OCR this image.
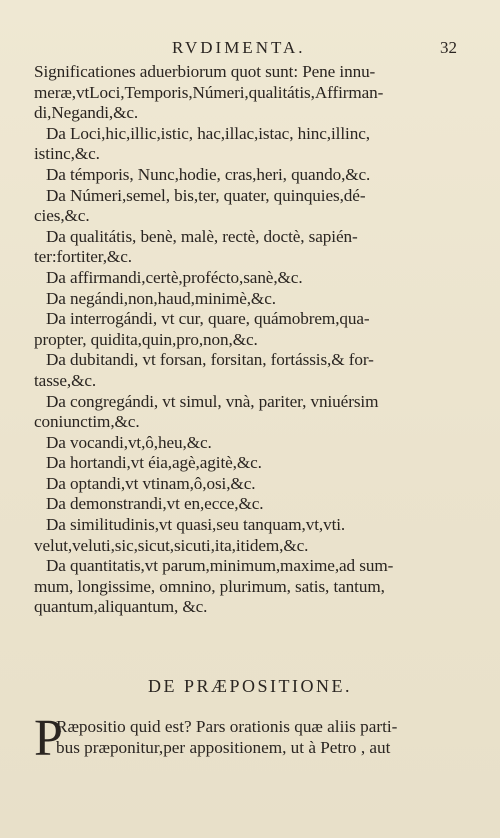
RVDIMENTA.	32
Significationes aduerbiorum quot sunt: Pene innu-
meræ,vtLoci,Temporis,Númeri,qualitátis,Affirman-
di,Negandi,&c.
Da Loci,hic,illic,istic, hac,illac,istac, hinc,illinc,
istinc,&c.
Da témporis, Nunc,hodie, cras,heri, quando,&c.
Da Númeri,semel, bis,ter, quater, quinquies,dé-
cies,&c.
Da qualitátis, benè, malè, rectè, doctè, sapién-
ter:fortiter,&c.
Da affirmandi,certè,profécto,sanè,&c.
Da negándi,non,haud,minimè,&c.
Da interrogándi, vt cur, quare, quámobrem,qua-
propter, quidita,quin,pro,non,&c.
Da dubitandi, vt forsan, forsitan, fortássis,& for-
tasse,&c.
Da congregándi, vt simul, vnà, pariter, vniuérsim
coniunctim,&c.
Da vocandi,vt,ô,heu,&c.
Da hortandi,vt éia,agè,agitè,&c.
Da optandi,vt vtinam,ô,osi,&c.
Da demonstrandi,vt en,ecce,&c.
Da similitudinis,vt quasi,seu tanquam,vt,vti.
velut,veluti,sic,sicut,sicuti,ita,itidem,&c.
Da quantitatis,vt parum,minimum,maxime,ad sum-
mum, longissime, omnino, plurimum, satis, tantum,
quantum,aliquantum, &c.
DE PRÆPOSITIONE.
P
Ræpositio quid est? Pars orationis quæ aliis parti-
bus præponitur,per appositionem, ut à Petro , aut
